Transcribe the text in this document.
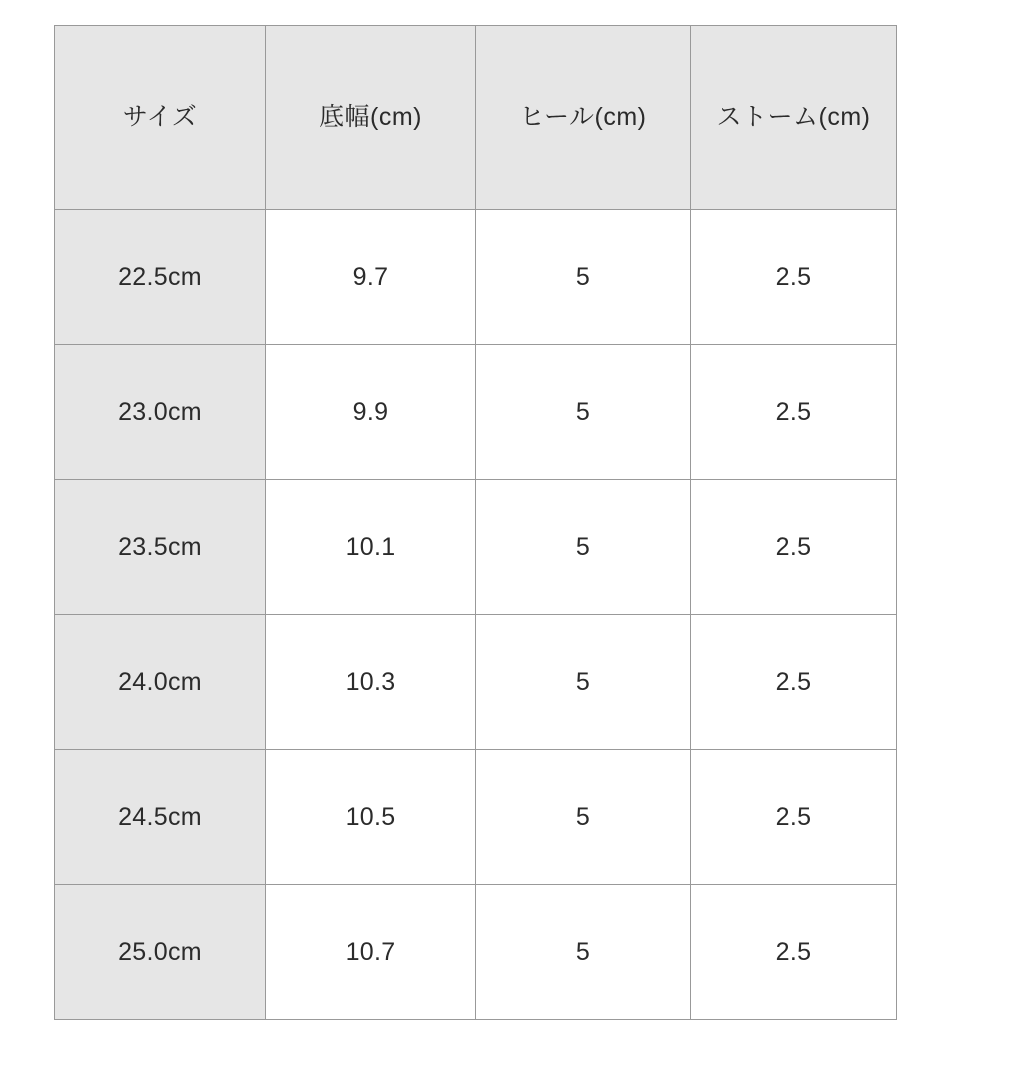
サイズ	底幅(cm)	ヒール(cm)	ストーム(cm)

22.5cm	9.7	5	2.5

23.0cm	9.9	5	2.5

23.5cm	10.1	5	2.5

24.0cm	10.3	5	2.5

24.5cm	10.5	5	2.5

25.0cm	10.7	5	2.5
